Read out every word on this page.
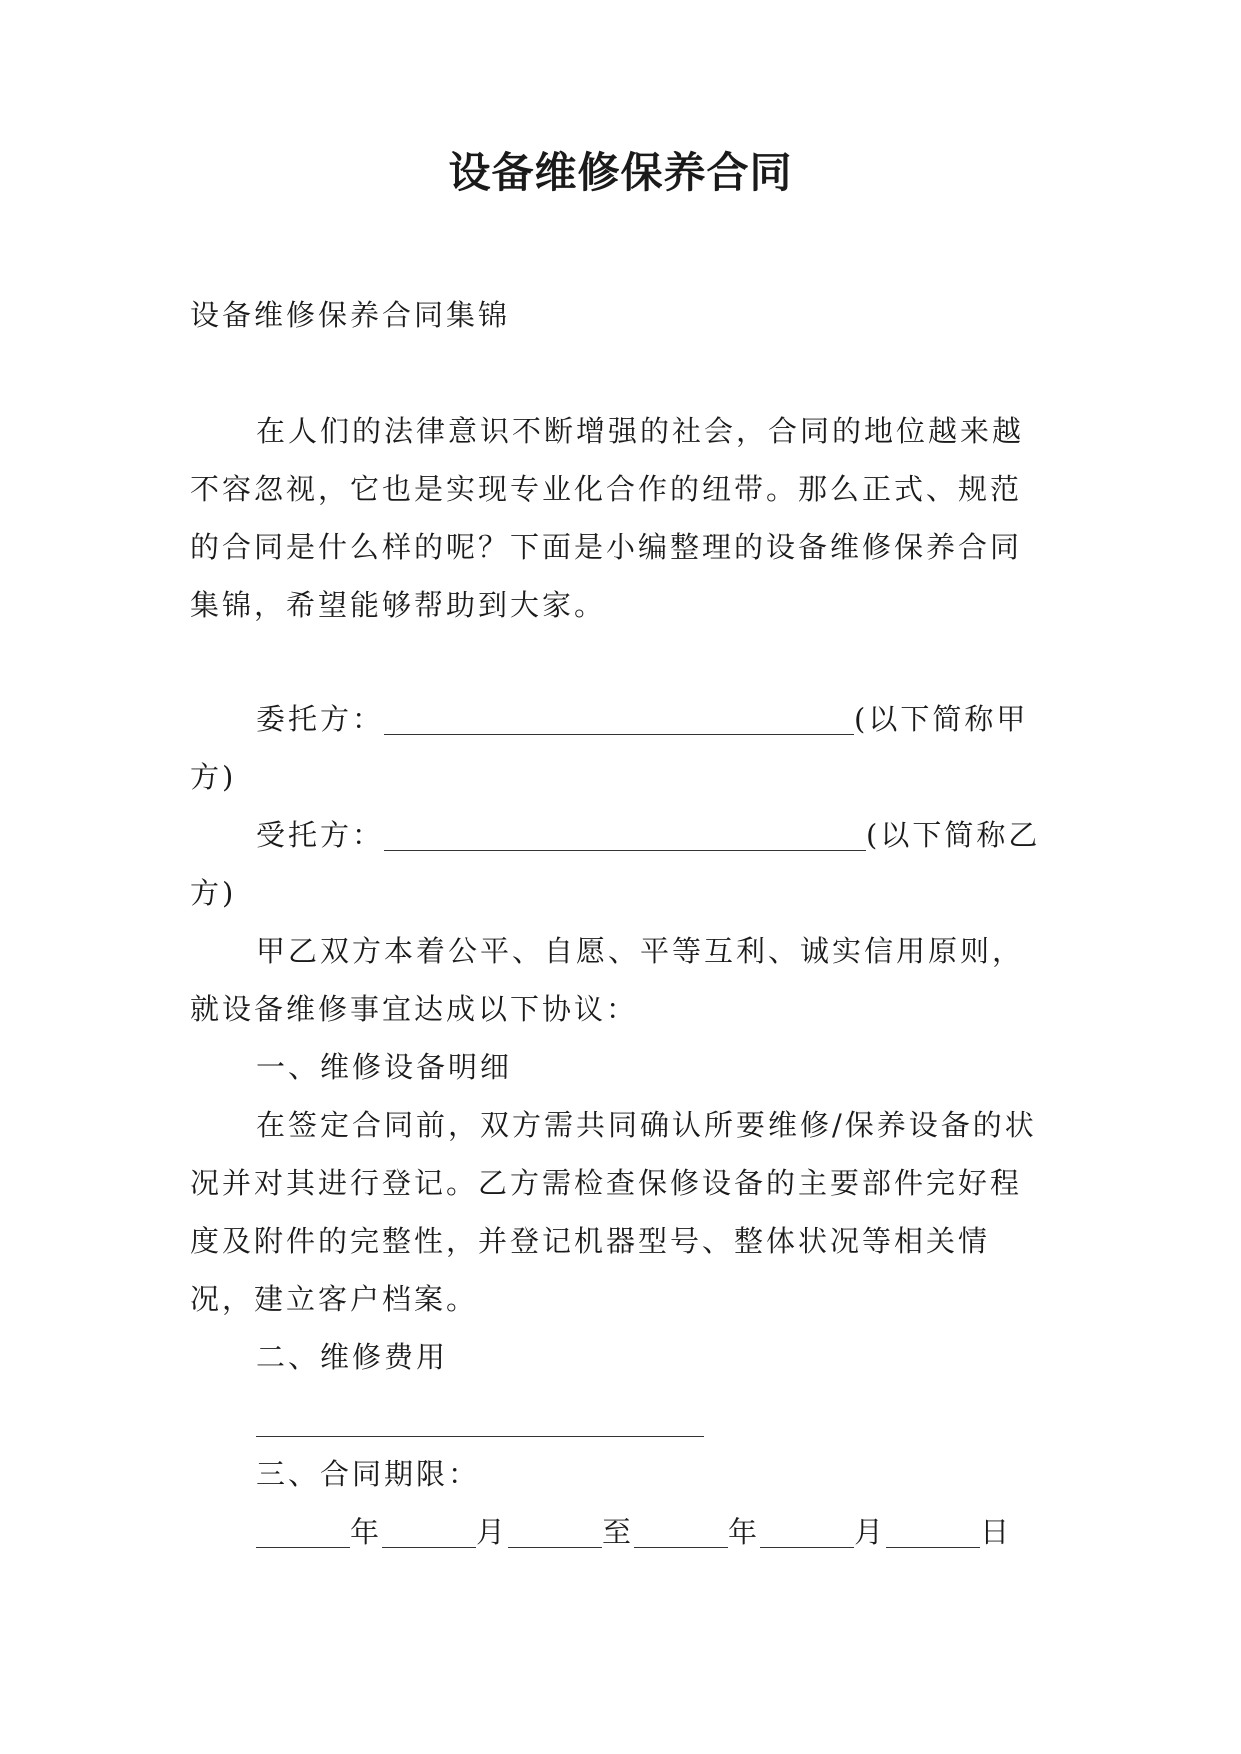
设备维修保养合同
设备维修保养合同集锦
在人们的法律意识不断增强的社会，合同的地位越来越不容忽视，它也是实现专业化合作的纽带。那么正式、规范的合同是什么样的呢？下面是小编整理的设备维修保养合同集锦，希望能够帮助到大家。

委托方：	(以下简称甲方)

受托方：	(以下简称乙方)

甲乙双方本着公平、自愿、平等互利、诚实信用原则，就设备维修事宜达成以下协议：

一、维修设备明细

在签定合同前，双方需共同确认所要维修/保养设备的状况并对其进行登记。乙方需检查保修设备的主要部件完好程度及附件的完整性，并登记机器型号、整体状况等相关情况，建立客户档案。

二、维修费用

三、合同期限：

年	月	至	年	月	日
